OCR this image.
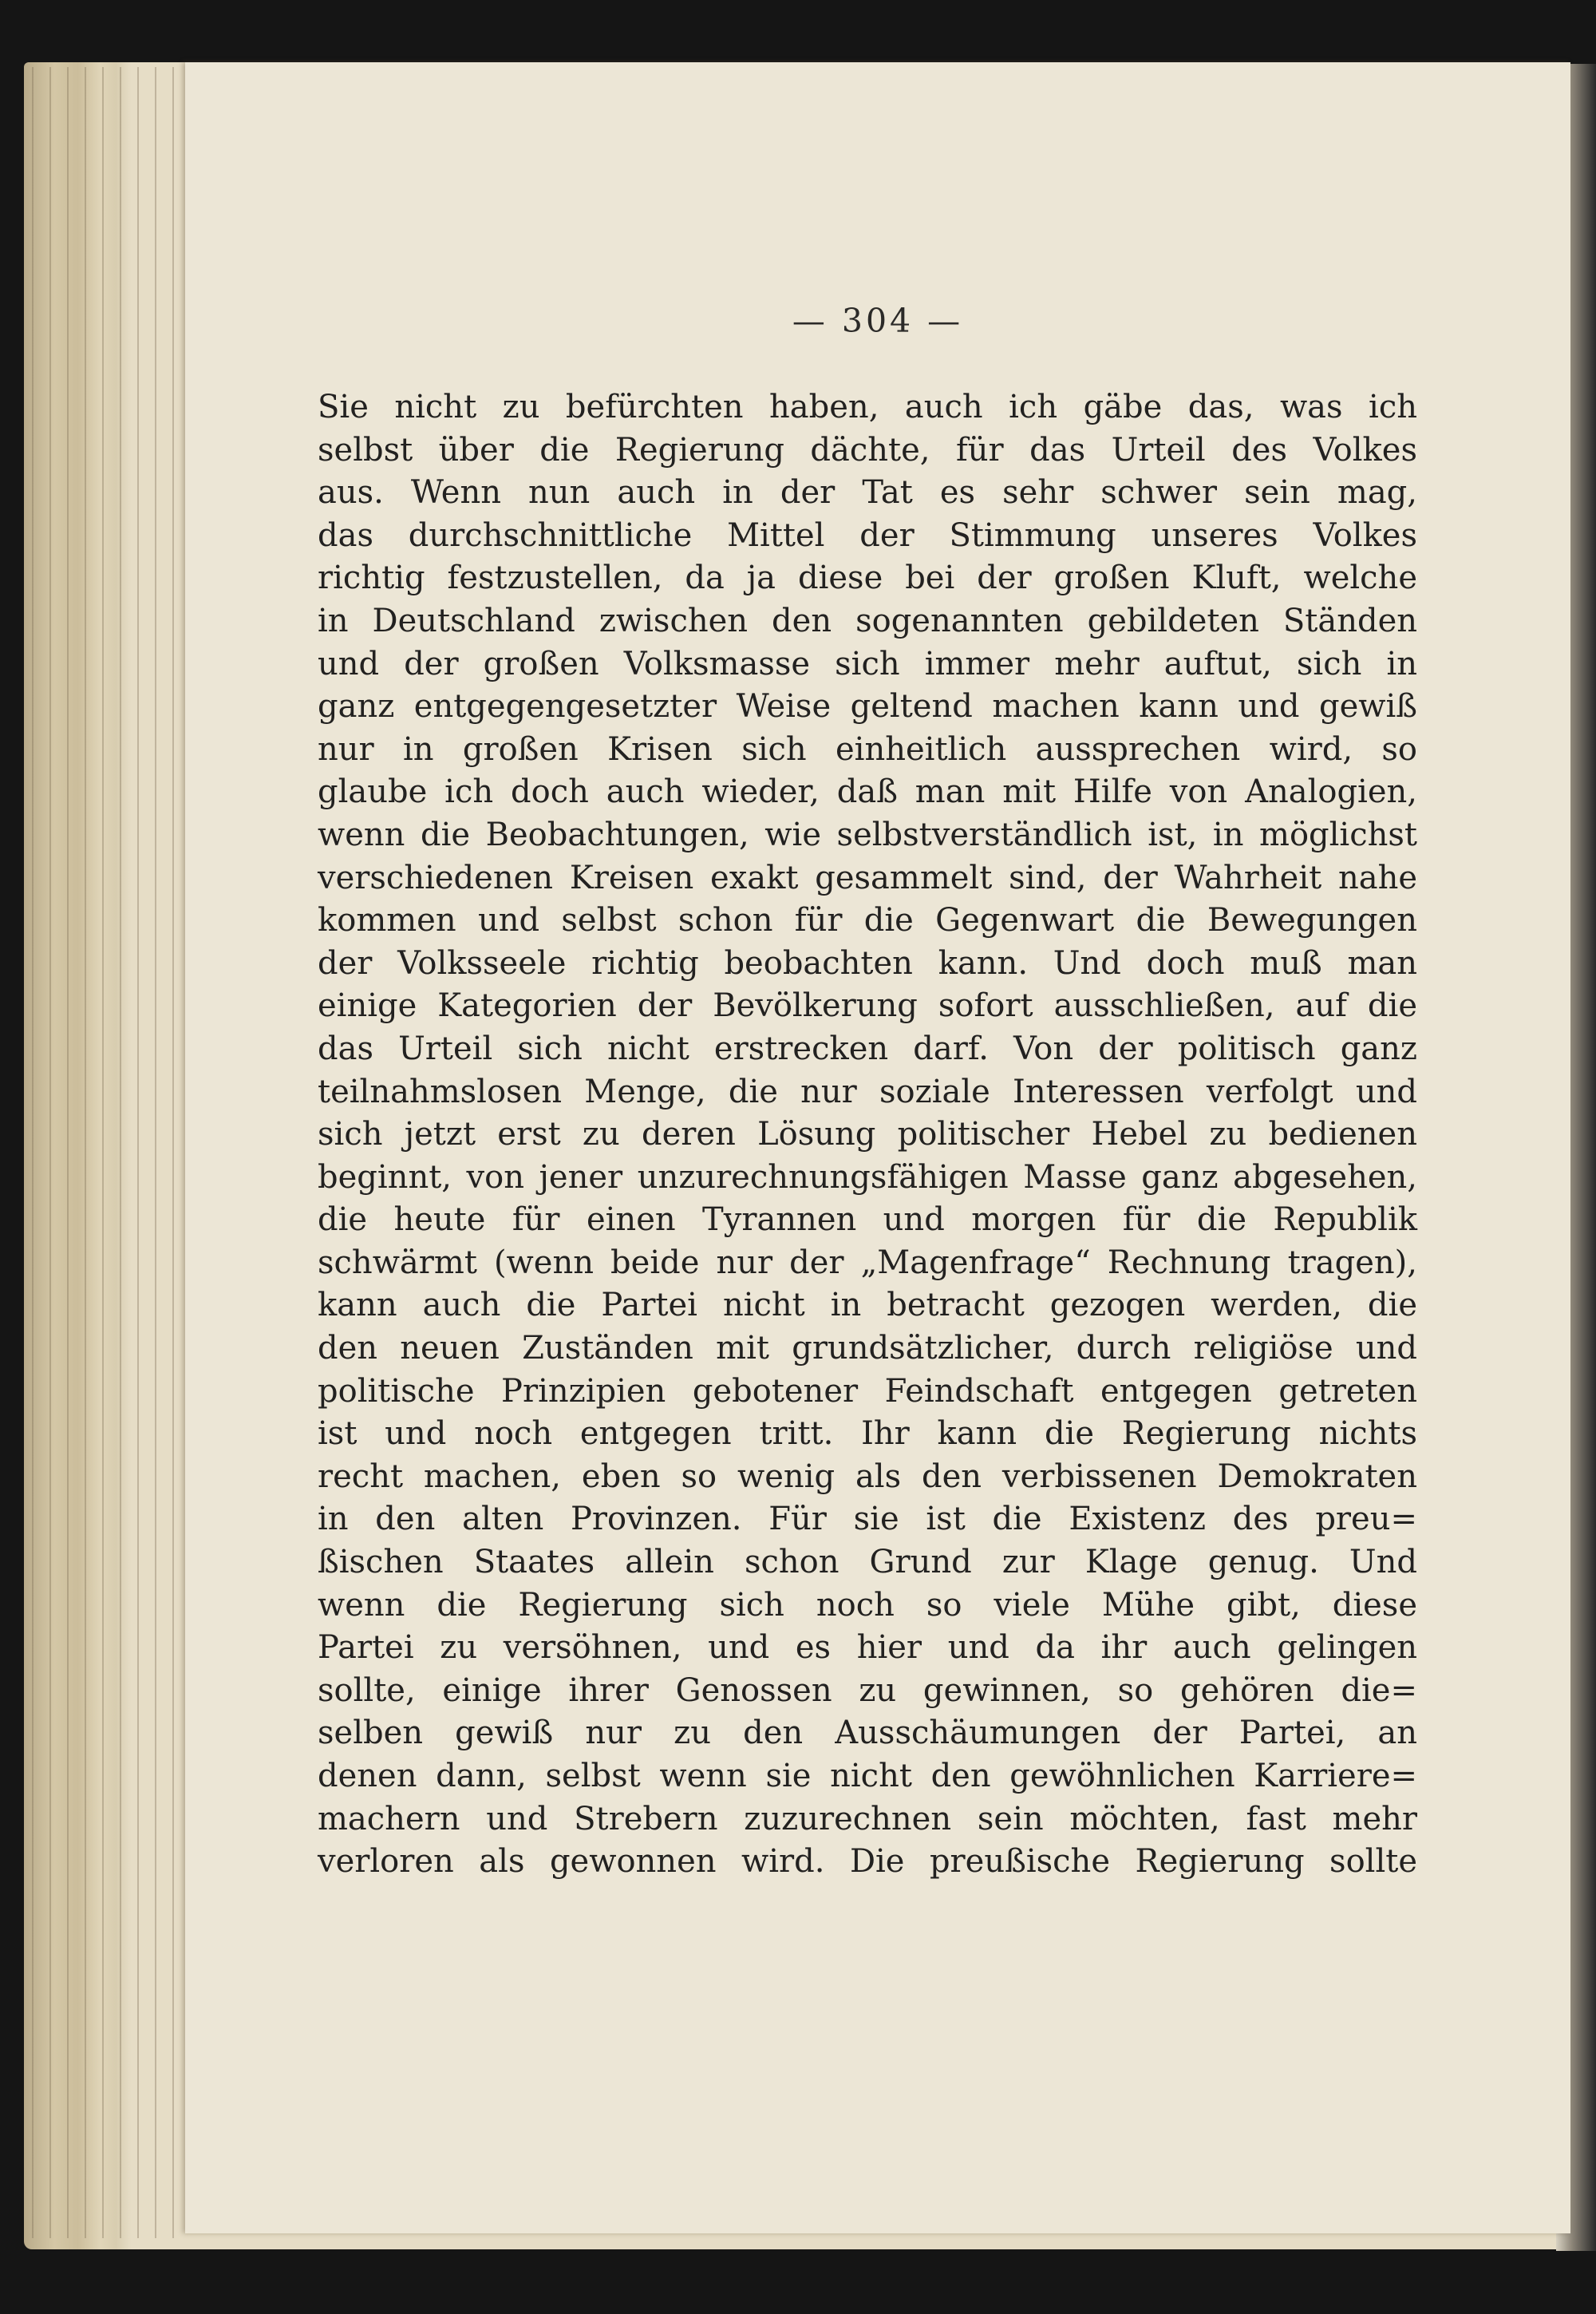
— 304 —
Sie nicht zu befürchten haben, auch ich gäbe das, was ich
selbst über die Regierung dächte, für das Urteil des Volkes
aus. Wenn nun auch in der Tat es sehr schwer sein mag,
das durchschnittliche Mittel der Stimmung unseres Volkes
richtig festzustellen, da ja diese bei der großen Kluft, welche
in Deutschland zwischen den sogenannten gebildeten Ständen
und der großen Volksmasse sich immer mehr auftut, sich in
ganz entgegengesetzter Weise geltend machen kann und gewiß
nur in großen Krisen sich einheitlich aussprechen wird, so
glaube ich doch auch wieder, daß man mit Hilfe von Analogien,
wenn die Beobachtungen, wie selbstverständlich ist, in möglichst
verschiedenen Kreisen exakt gesammelt sind, der Wahrheit nahe
kommen und selbst schon für die Gegenwart die Bewegungen
der Volksseele richtig beobachten kann. Und doch muß man
einige Kategorien der Bevölkerung sofort ausschließen, auf die
das Urteil sich nicht erstrecken darf. Von der politisch ganz
teilnahmslosen Menge, die nur soziale Interessen verfolgt und
sich jetzt erst zu deren Lösung politischer Hebel zu bedienen
beginnt, von jener unzurechnungsfähigen Masse ganz abgesehen,
die heute für einen Tyrannen und morgen für die Republik
schwärmt (wenn beide nur der „Magenfrage“ Rechnung tragen),
kann auch die Partei nicht in betracht gezogen werden, die
den neuen Zuständen mit grundsätzlicher, durch religiöse und
politische Prinzipien gebotener Feindschaft entgegen getreten
ist und noch entgegen tritt. Ihr kann die Regierung nichts
recht machen, eben so wenig als den verbissenen Demokraten
in den alten Provinzen. Für sie ist die Existenz des preu=
ßischen Staates allein schon Grund zur Klage genug. Und
wenn die Regierung sich noch so viele Mühe gibt, diese
Partei zu versöhnen, und es hier und da ihr auch gelingen
sollte, einige ihrer Genossen zu gewinnen, so gehören die=
selben gewiß nur zu den Ausschäumungen der Partei, an
denen dann, selbst wenn sie nicht den gewöhnlichen Karriere=
machern und Strebern zuzurechnen sein möchten, fast mehr
verloren als gewonnen wird. Die preußische Regierung sollte
